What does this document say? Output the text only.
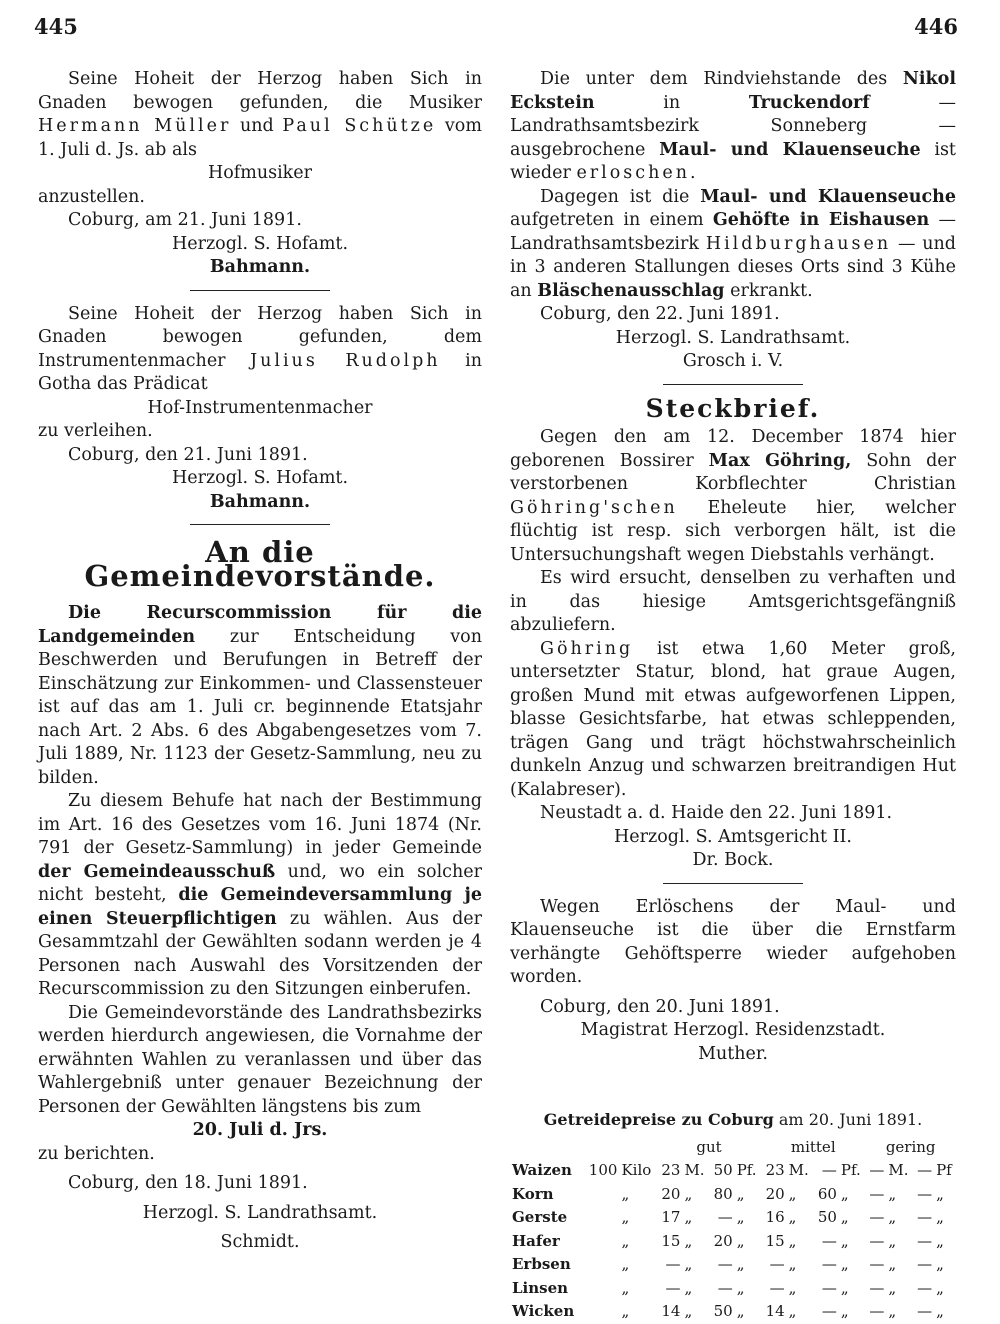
445	446

Seine Hoheit der Herzog haben Sich in Gnaden bewogen gefunden, die Musiker Hermann Müller und Paul Schütze vom 1. Juli d. Js. ab als

Hofmusiker

anzustellen.

Coburg, am 21. Juni 1891.

Herzogl. S. Hofamt.

Bahmann.

Seine Hoheit der Herzog haben Sich in Gnaden bewogen gefunden, dem Instrumentenmacher Julius Rudolph in Gotha das Prädicat

Hof-Instrumentenmacher

zu verleihen.

Coburg, den 21. Juni 1891.

Herzogl. S. Hofamt.

Bahmann.

An die Gemeindevorstände.

Die Recurscommission für die Landgemeinden zur Entscheidung von Beschwerden und Berufungen in Betreff der Einschätzung zur Einkommen- und Classensteuer ist auf das am 1. Juli cr. beginnende Etatsjahr nach Art. 2 Abs. 6 des Abgabengesetzes vom 7. Juli 1889, Nr. 1123 der Gesetz-Sammlung, neu zu bilden.

Zu diesem Behufe hat nach der Bestimmung im Art. 16 des Gesetzes vom 16. Juni 1874 (Nr. 791 der Gesetz-Sammlung) in jeder Gemeinde der Gemeindeausschuß und, wo ein solcher nicht besteht, die Gemeindeversammlung je einen Steuerpflichtigen zu wählen. Aus der Gesammtzahl der Gewählten sodann werden je 4 Personen nach Auswahl des Vorsitzenden der Recurscommission zu den Sitzungen einberufen.

Die Gemeindevorstände des Landrathsbezirks werden hierdurch angewiesen, die Vornahme der erwähnten Wahlen zu veranlassen und über das Wahlergebniß unter genauer Bezeichnung der Personen der Gewählten längstens bis zum

20. Juli d. Jrs.

zu berichten.

Coburg, den 18. Juni 1891.

Herzogl. S. Landrathsamt.

Schmidt.

Die unter dem Rindviehstande des Nikol Eckstein	in	Truckendorf	— Landrathsamtsbezirk Sonneberg — ausgebrochene Maul- und Klauenseuche ist wieder erloschen.

Dagegen ist die Maul- und Klauenseuche aufgetreten in einem Gehöfte in Eishausen — Landrathsamtsbezirk Hildburghausen — und in 3 anderen Stallungen dieses Orts sind 3 Kühe an Bläschenausschlag erkrankt.

Coburg, den 22. Juni 1891.

Herzogl. S. Landrathsamt.

Grosch i. V.

Steckbrief.

Gegen den am 12. December 1874 hier geborenen Bossirer Max Göhring, Sohn der verstorbenen Korbflechter Christian Göhring'schen Eheleute hier, welcher flüchtig ist resp. sich verborgen hält, ist die Untersuchungshaft wegen Diebstahls verhängt.

Es wird ersucht, denselben zu verhaften und in das hiesige Amtsgerichtsgefängniß abzuliefern.

Göhring ist etwa 1,60 Meter groß, untersetzter Statur, blond, hat graue Augen, großen Mund mit etwas aufgeworfenen Lippen, blasse Gesichtsfarbe, hat etwas schleppenden, trägen Gang und trägt höchstwahrscheinlich dunkeln Anzug und schwarzen breitrandigen Hut (Kalabreser).

Neustadt a. d. Haide den 22. Juni 1891.

Herzogl. S. Amtsgericht II.

Dr. Bock.

Wegen Erlöschens der Maul- und Klauenseuche ist die über die Ernstfarm verhängte Gehöftsperre wieder aufgehoben worden.

Coburg, den 20. Juni 1891.

Magistrat Herzogl. Residenzstadt.

Muther.

Getreidepreise zu Coburg am 20. Juni 1891.
			gut				mittel				gering			
Waizen	100	Kilo	23	M.	50	Pf.	23	M.	—	Pf.	—	M.	—	Pf
Korn		„	20	„	80	„	20	„	60	„	—	„	—	„
Gerste		„	17	„	—	„	16	„	50	„	—	„	—	„
Hafer		„	15	„	20	„	15	„	—	„	—	„	—	„
Erbsen		„	—	„	—	„	—	„	—	„	—	„	—	„
Linsen		„	—	„	—	„	—	„	—	„	—	„	—	„
Wicken		„	14	„	50	„	14	„	—	„	—	„	—	„
